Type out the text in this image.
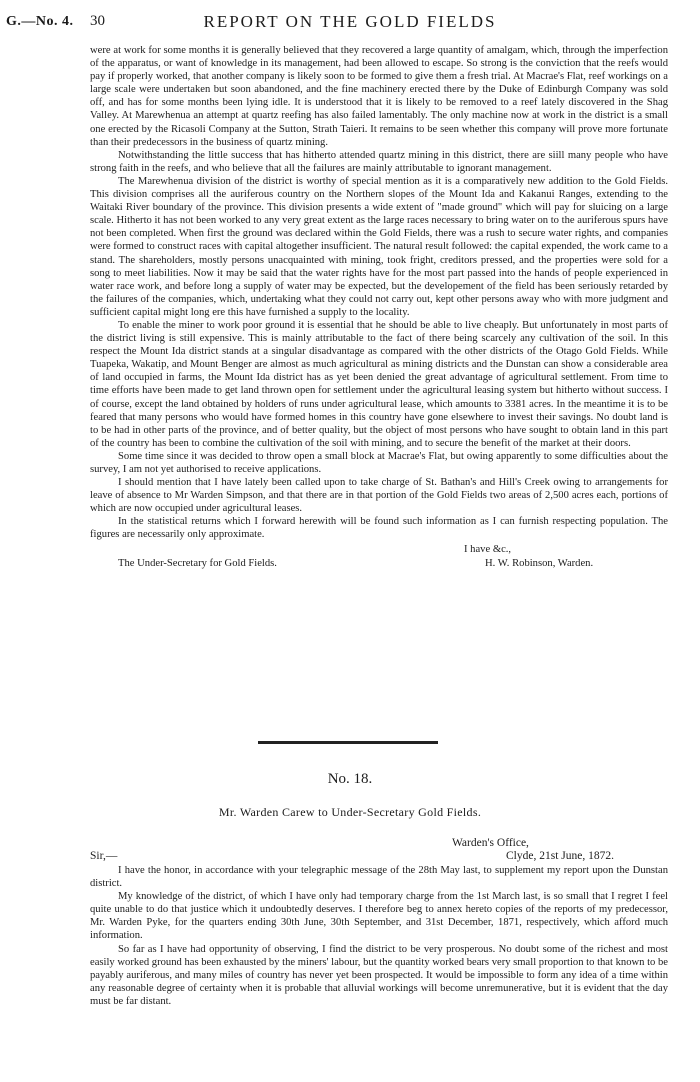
G.—No. 4. 30	REPORT ON THE GOLD FIELDS

were at work for some months it is generally believed that they recovered a large quantity of amalgam, which, through the imperfection of the apparatus, or want of knowledge in its management, had been allowed to escape. So strong is the conviction that the reefs would pay if properly worked, that another company is likely soon to be formed to give them a fresh trial. At Macrae's Flat, reef workings on a large scale were undertaken but soon abandoned, and the fine machinery erected there by the Duke of Edinburgh Company was sold off, and has for some months been lying idle. It is understood that it is likely to be removed to a reef lately discovered in the Shag Valley. At Marewhenua an attempt at quartz reefing has also failed lamentably. The only machine now at work in the district is a small one erected by the Ricasoli Company at the Sutton, Strath Taieri. It remains to be seen whether this company will prove more fortunate than their predecessors in the business of quartz mining.

Notwithstanding the little success that has hitherto attended quartz mining in this district, there are siill many people who have strong faith in the reefs, and who believe that all the failures are mainly attributable to ignorant management.

The Marewhenua division of the district is worthy of special mention as it is a comparatively new addition to the Gold Fields. This division comprises all the auriferous country on the Northern slopes of the Mount Ida and Kakanui Ranges, extending to the Waitaki River boundary of the province. This division presents a wide extent of "made ground" which will pay for sluicing on a large scale. Hitherto it has not been worked to any very great extent as the large races necessary to bring water on to the auriferous spurs have not been completed. When first the ground was declared within the Gold Fields, there was a rush to secure water rights, and companies were formed to construct races with capital altogether insufficient. The natural result followed: the capital expended, the work came to a stand. The shareholders, mostly persons unacquainted with mining, took fright, creditors pressed, and the properties were sold for a song to meet liabilities. Now it may be said that the water rights have for the most part passed into the hands of people experienced in water race work, and before long a supply of water may be expected, but the developement of the field has been seriously retarded by the failures of the companies, which, undertaking what they could not carry out, kept other persons away who with more judgment and sufficient capital might long ere this have furnished a supply to the locality.

To enable the miner to work poor ground it is essential that he should be able to live cheaply. But unfortunately in most parts of the district living is still expensive. This is mainly attributable to the fact of there being scarcely any cultivation of the soil. In this respect the Mount Ida district stands at a singular disadvantage as compared with the other districts of the Otago Gold Fields. While Tuapeka, Wakatip, and Mount Benger are almost as much agricultural as mining districts and the Dunstan can show a considerable area of land occupied in farms, the Mount Ida district has as yet been denied the great advantage of agricultural settlement. From time to time efforts have been made to get land thrown open for settlement under the agricultural leasing system but hitherto without success. I of course, except the land obtained by holders of runs under agricultural lease, which amounts to 3381 acres. In the meantime it is to be feared that many persons who would have formed homes in this country have gone elsewhere to invest their savings. No doubt land is to be had in other parts of the province, and of better quality, but the object of most persons who have sought to obtain land in this part of the country has been to combine the cultivation of the soil with mining, and to secure the benefit of the market at their doors.

Some time since it was decided to throw open a small block at Macrae's Flat, but owing apparently to some difficulties about the survey, I am not yet authorised to receive applications.

I should mention that I have lately been called upon to take charge of St. Bathan's and Hill's Creek owing to arrangements for leave of absence to Mr Warden Simpson, and that there are in that portion of the Gold Fields two areas of 2,500 acres each, portions of which are now occupied under agricultural leases.

In the statistical returns which I forward herewith will be found such information as I can furnish respecting population. The figures are necessarily only approximate.

I have &c.,
The Under-Secretary for Gold Fields.	H. W. Robinson, Warden.
No. 18.
Mr. Warden Carew to Under-Secretary Gold Fields.
Warden's Office,
Sir,—	Clyde, 21st June, 1872.

I have the honor, in accordance with your telegraphic message of the 28th May last, to supplement my report upon the Dunstan district.

My knowledge of the district, of which I have only had temporary charge from the 1st March last, is so small that I regret I feel quite unable to do that justice which it undoubtedly deserves. I therefore beg to annex hereto copies of the reports of my predecessor, Mr. Warden Pyke, for the quarters ending 30th June, 30th September, and 31st December, 1871, respectively, which afford much information.

So far as I have had opportunity of observing, I find the district to be very prosperous. No doubt some of the richest and most easily worked ground has been exhausted by the miners' labour, but the quantity worked bears very small proportion to that known to be payably auriferous, and many miles of country has never yet been prospected. It would be impossible to form any idea of a time within any reasonable degree of certainty when it is probable that alluvial workings will become unremunerative, but it is evident that the day must be far distant.
